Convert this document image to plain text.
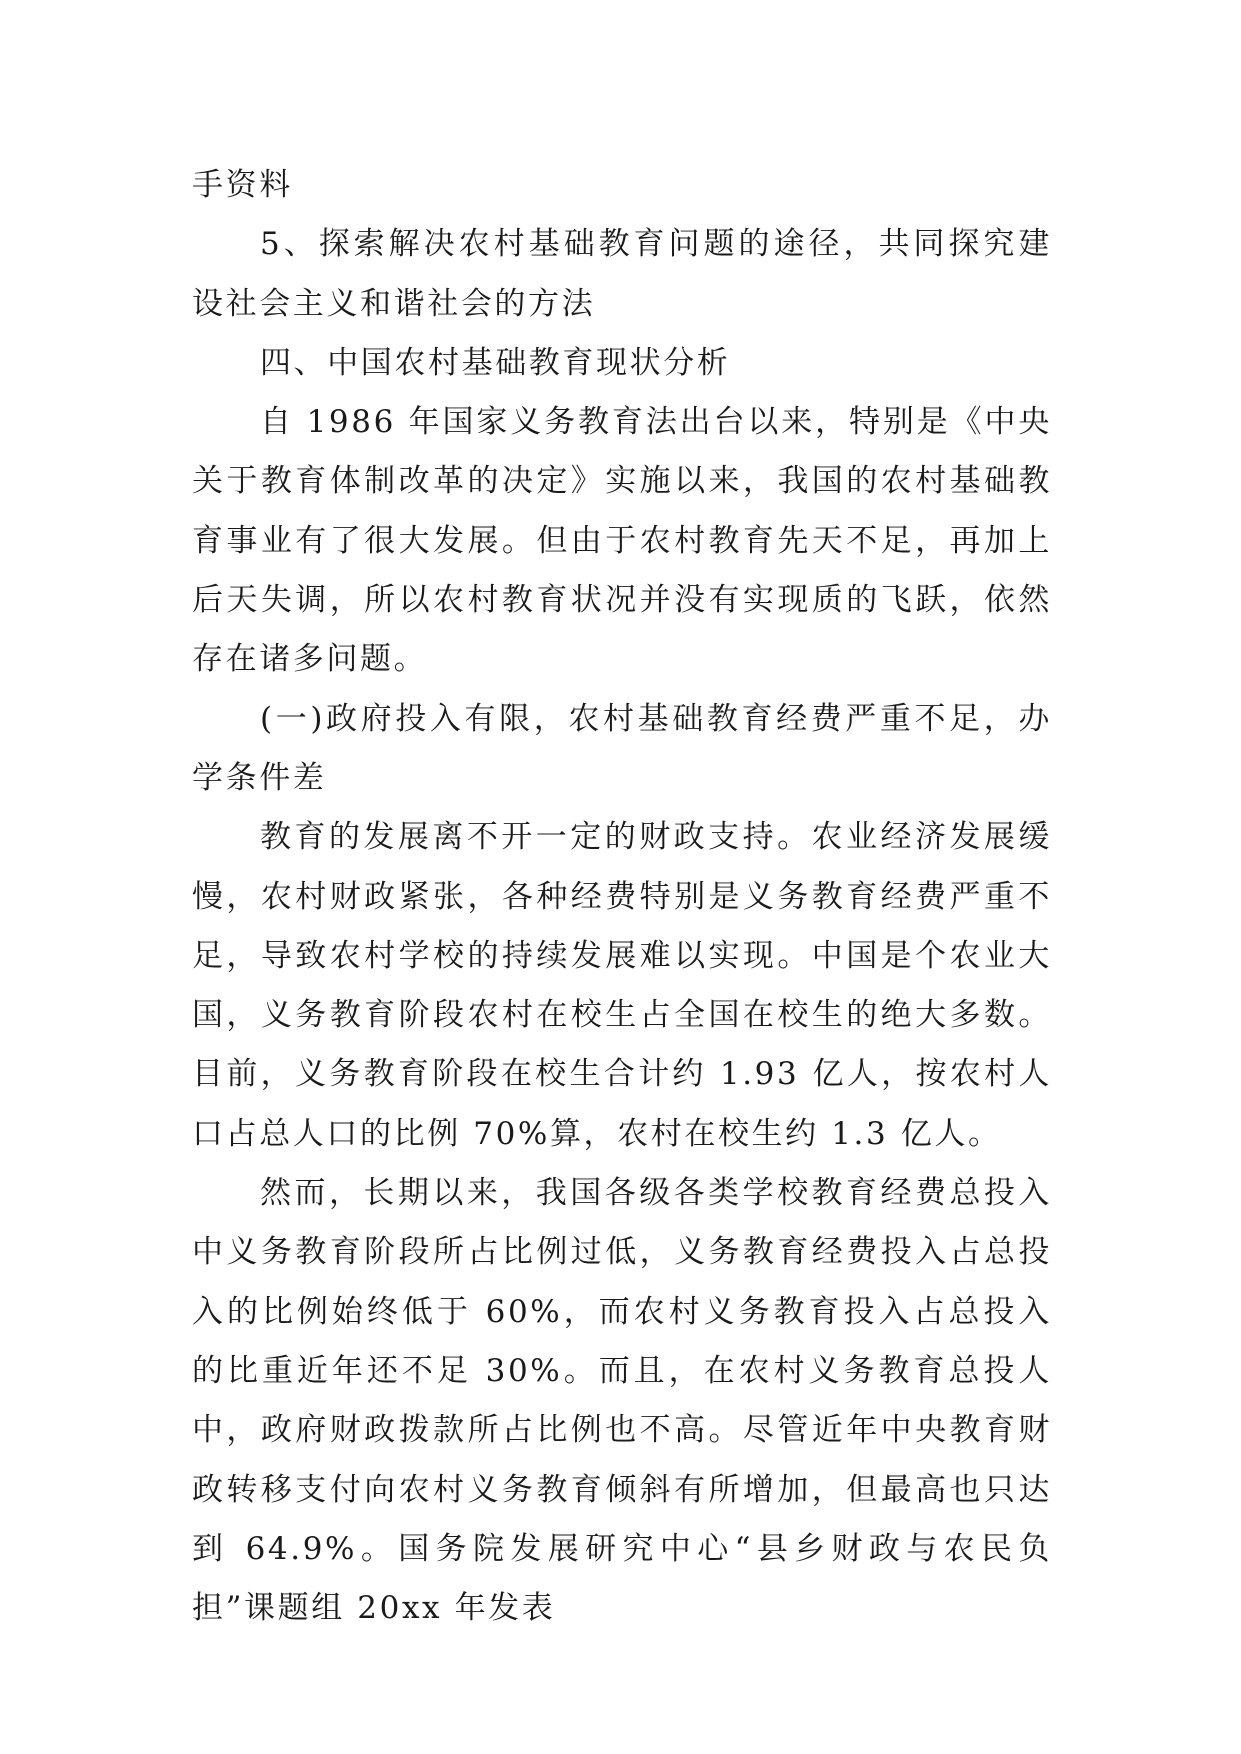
手资料

5、探索解决农村基础教育问题的途径，共同探究建设社会主义和谐社会的方法

四、中国农村基础教育现状分析

自 1986 年国家义务教育法出台以来，特别是《中央关于教育体制改革的决定》实施以来，我国的农村基础教育事业有了很大发展。但由于农村教育先天不足，再加上后天失调，所以农村教育状况并没有实现质的飞跃，依然存在诸多问题。

(一)政府投入有限，农村基础教育经费严重不足，办学条件差

教育的发展离不开一定的财政支持。农业经济发展缓慢，农村财政紧张，各种经费特别是义务教育经费严重不足，导致农村学校的持续发展难以实现。中国是个农业大国，义务教育阶段农村在校生占全国在校生的绝大多数。目前，义务教育阶段在校生合计约 1.93 亿人，按农村人口占总人口的比例 70%算，农村在校生约 1.3 亿人。

然而，长期以来，我国各级各类学校教育经费总投入中义务教育阶段所占比例过低，义务教育经费投入占总投入的比例始终低于 60%，而农村义务教育投入占总投入的比重近年还不足 30%。而且，在农村义务教育总投人中，政府财政拨款所占比例也不高。尽管近年中央教育财政转移支付向农村义务教育倾斜有所增加，但最高也只达到 64.9%。国务院发展研究中心“县乡财政与农民负担”课题组 20xx 年发表
